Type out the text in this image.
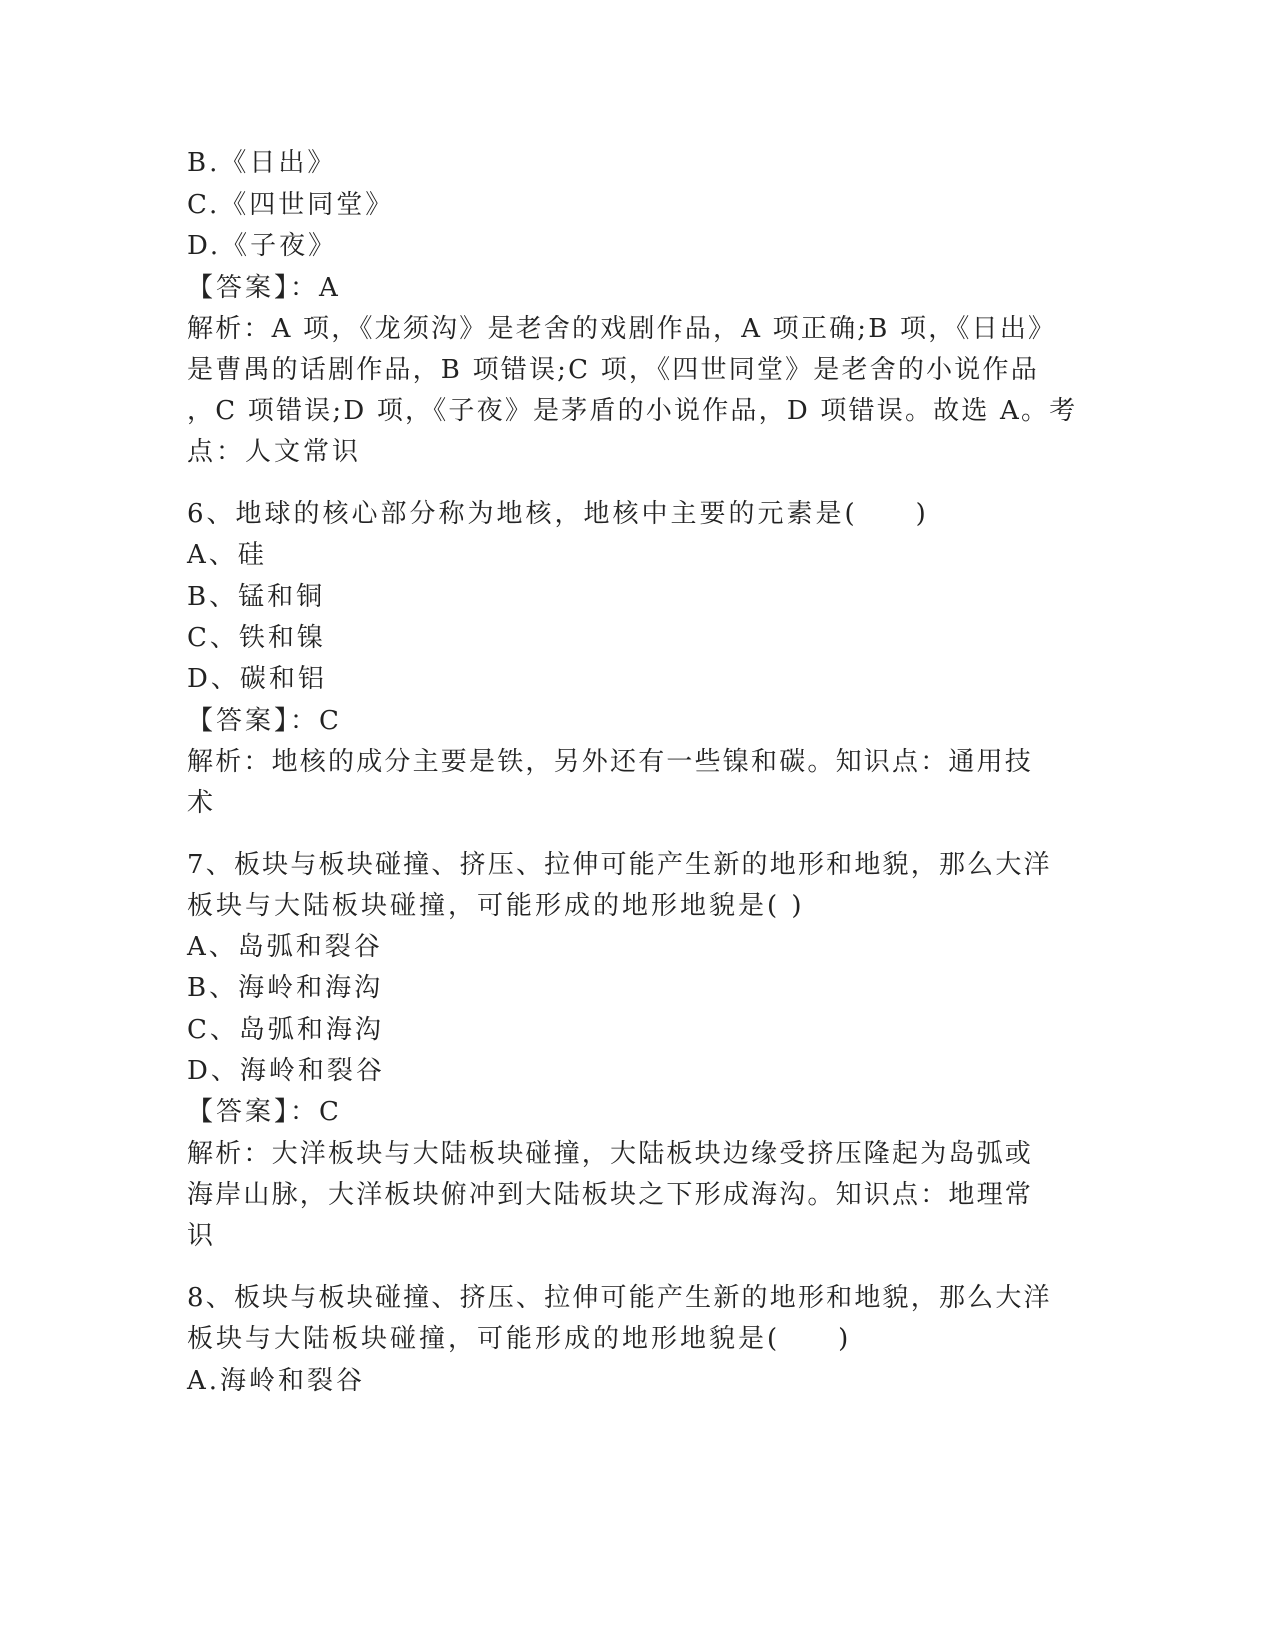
B.《日出》
C.《四世同堂》
D.《子夜》
【答案】：A
解析：A 项，《龙须沟》是老舍的戏剧作品，A 项正确;B 项，《日出》
是曹禺的话剧作品，B 项错误;C 项，《四世同堂》是老舍的小说作品
，C 项错误;D 项，《子夜》是茅盾的小说作品，D 项错误。故选 A。考
点：人文常识
6、地球的核心部分称为地核，地核中主要的元素是(　　)
A、硅
B、锰和铜
C、铁和镍
D、碳和铝
【答案】：C
解析：地核的成分主要是铁，另外还有一些镍和碳。知识点：通用技
术
7、板块与板块碰撞、挤压、拉伸可能产生新的地形和地貌，那么大洋
板块与大陆板块碰撞，可能形成的地形地貌是( )
A、岛弧和裂谷
B、海岭和海沟
C、岛弧和海沟
D、海岭和裂谷
【答案】：C
解析：大洋板块与大陆板块碰撞，大陆板块边缘受挤压隆起为岛弧或
海岸山脉，大洋板块俯冲到大陆板块之下形成海沟。知识点：地理常
识
8、板块与板块碰撞、挤压、拉伸可能产生新的地形和地貌，那么大洋
板块与大陆板块碰撞，可能形成的地形地貌是(　　)
A.海岭和裂谷
